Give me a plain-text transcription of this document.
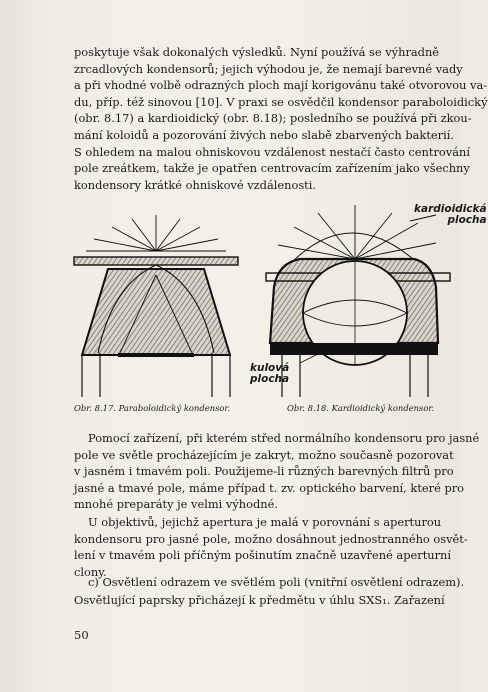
poskytuje však dokonalých výsledků. Nyní používá se výhradně
zrcadlových kondensorů; jejich výhodou je, že nemají barevné vady
a při vhodné volbě odrazných ploch mají korigovánu také otvorovou va-
du, příp. též sinovou [10]. V praxi se osvědčil kondensor paraboloidický
(obr. 8.17) a kardioidický (obr. 8.18); posledního se používá při zkou-
mání koloidů a pozorování živých nebo slabě zbarvených bakterií.
S ohledem na malou ohniskovou vzdálenost nestačí často centrování
pole zreátkem, takže je opatřen centrovacím zařízením jako všechny
kondensory krátké ohniskové vzdálenosti.
kardioidická
plocha
kulová
plocha
Obr. 8.17. Paraboloidický kondensor.	Obr. 8.18. Kardioidický kondensor.
Pomocí zařízení, při kterém střed normálního kondensoru pro jasné
pole ve světle procházejícím je zakryt, možno současně pozorovat
v jasném i tmavém poli. Použijeme-li různých barevných filtrů pro
jasné a tmavé pole, máme případ t. zv. optického barvení, které pro
mnohé preparáty je velmi výhodné.
U objektivů, jejichž apertura je malá v porovnání s aperturou
kondensoru pro jasné pole, možno dosáhnout jednostranného osvět-
lení v tmavém poli příčným pošinutím značně uzavřené aperturní
clony.
c) Osvětlení odrazem ve světlém poli (vnitřní osvětlení odrazem).
Osvětlující paprsky přicházejí k předmětu v úhlu SXS₁. Zařazení
50
